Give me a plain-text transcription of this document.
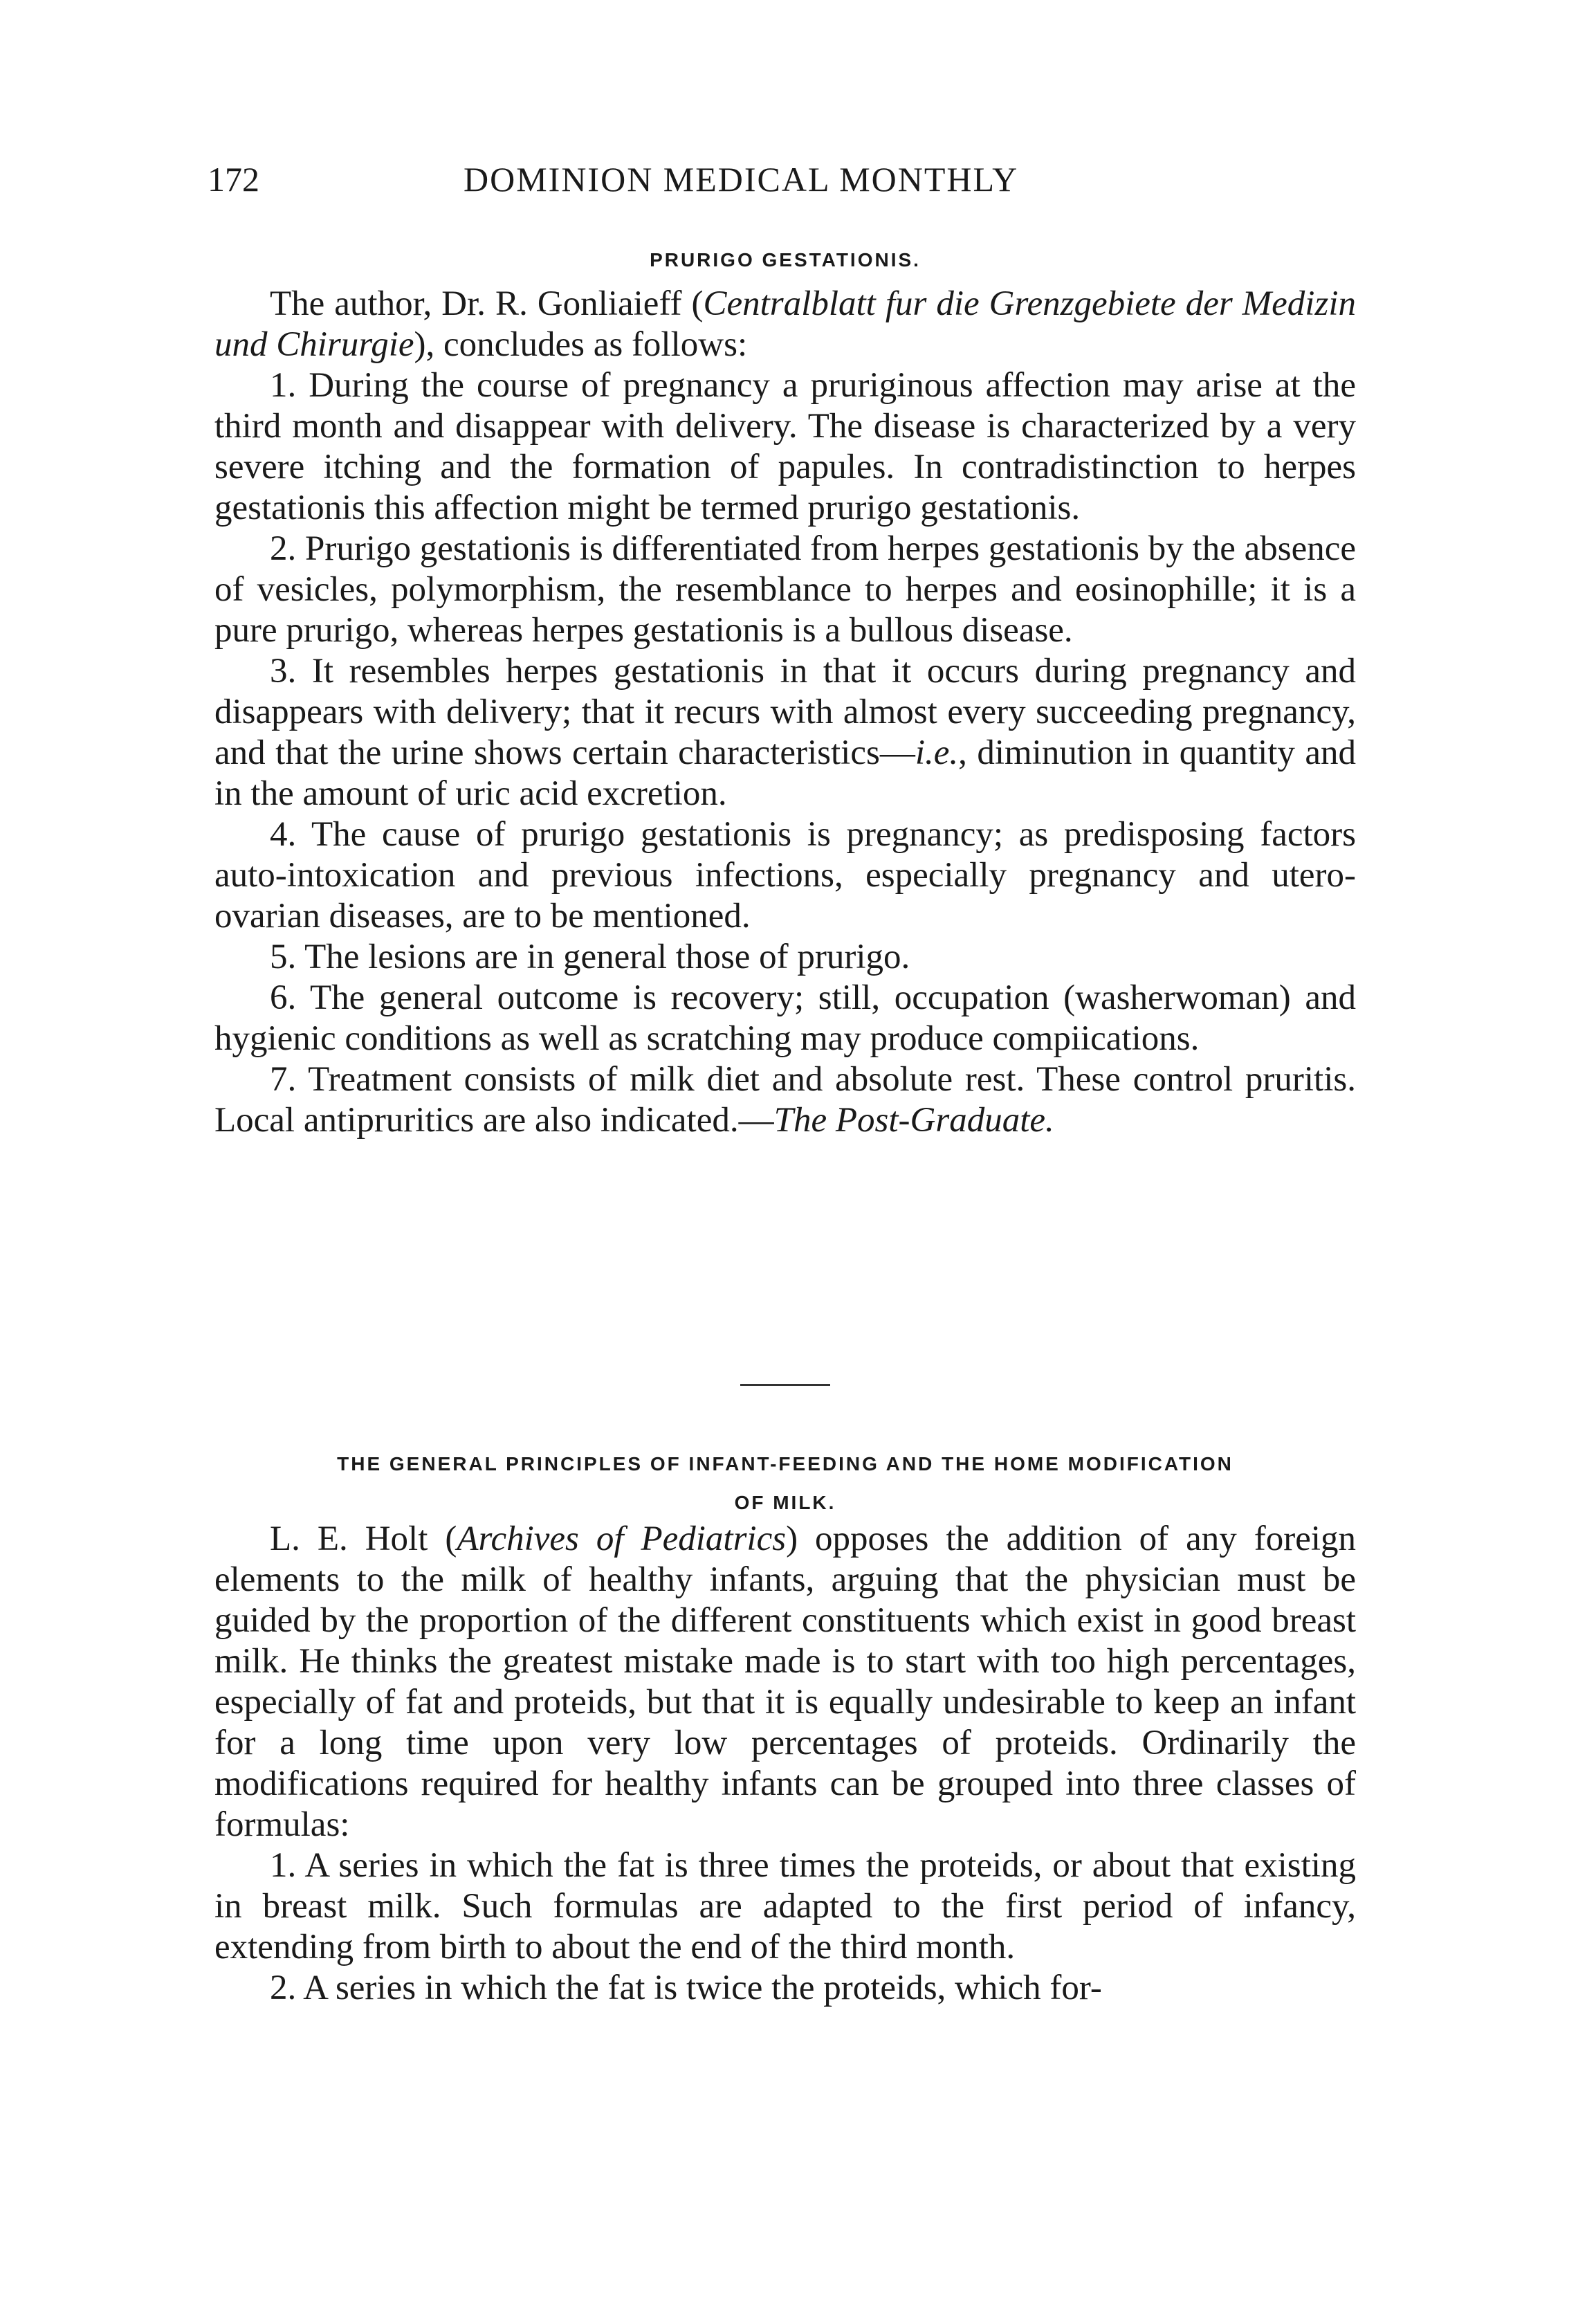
172	DOMINION MEDICAL MONTHLY
PRURIGO GESTATIONIS.

The author, Dr. R. Gonliaieff (Centralblatt fur die Grenzgebiete der Medizin und Chirurgie), concludes as follows:

1. During the course of pregnancy a pruriginous affection may arise at the third month and disappear with delivery. The disease is characterized by a very severe itching and the formation of papules. In contradistinction to herpes gestationis this affection might be termed prurigo gestationis.

2. Prurigo gestationis is differentiated from herpes gestationis by the absence of vesicles, polymorphism, the resemblance to herpes and eosinophille; it is a pure prurigo, whereas herpes gestationis is a bullous disease.

3. It resembles herpes gestationis in that it occurs during pregnancy and disappears with delivery; that it recurs with almost every succeeding pregnancy, and that the urine shows certain characteristics—i.e., diminution in quantity and in the amount of uric acid excretion.

4. The cause of prurigo gestationis is pregnancy; as predisposing factors auto-intoxication and previous infections, especially pregnancy and utero-ovarian diseases, are to be mentioned.

5. The lesions are in general those of prurigo.

6. The general outcome is recovery; still, occupation (washerwoman) and hygienic conditions as well as scratching may produce compiications.

7. Treatment consists of milk diet and absolute rest. These control pruritis. Local antipruritics are also indicated.—The Post-Graduate.

THE GENERAL PRINCIPLES OF INFANT-FEEDING AND THE HOME MODIFICATION
OF MILK.

L. E. Holt (Archives of Pediatrics) opposes the addition of any foreign elements to the milk of healthy infants, arguing that the physician must be guided by the proportion of the different constituents which exist in good breast milk. He thinks the greatest mistake made is to start with too high percentages, especially of fat and proteids, but that it is equally undesirable to keep an infant for a long time upon very low percentages of proteids. Ordinarily the modifications required for healthy infants can be grouped into three classes of formulas:

1. A series in which the fat is three times the proteids, or about that existing in breast milk. Such formulas are adapted to the first period of infancy, extending from birth to about the end of the third month.

2. A series in which the fat is twice the proteids, which for-
